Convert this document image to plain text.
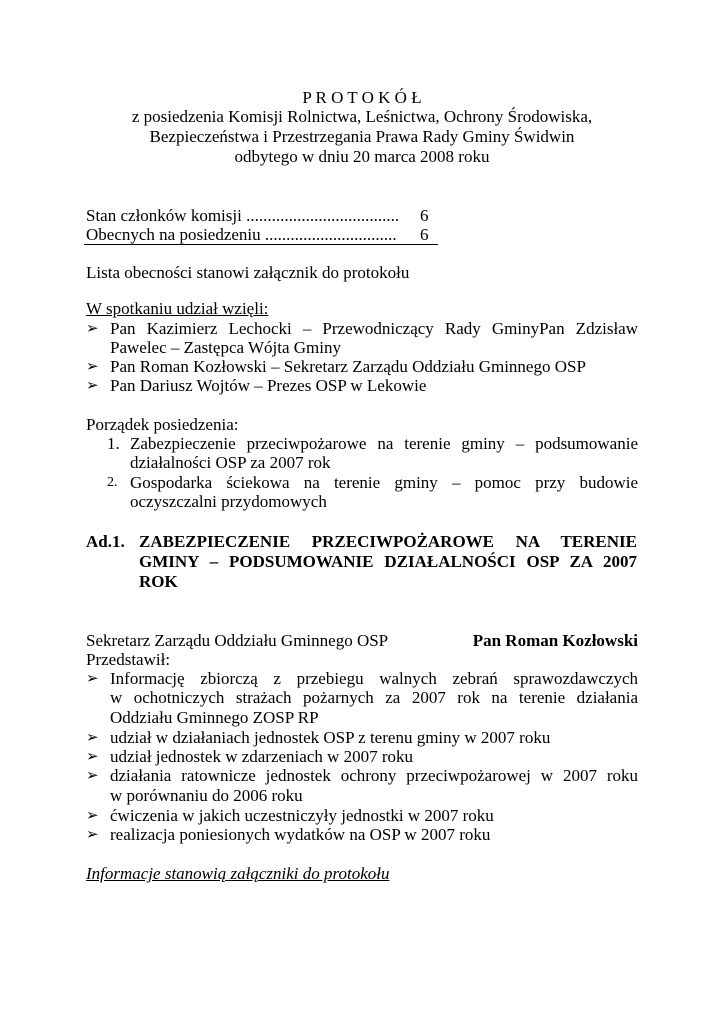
P R O T O K Ó Ł
z posiedzenia Komisji Rolnictwa, Leśnictwa, Ochrony Środowiska,
Bezpieczeństwa i Przestrzegania Prawa Rady Gminy Świdwin
odbytego w dniu 20 marca 2008 roku
Stan członków komisji .................................... 6
Obecnych na posiedzeniu ............................... 6
Lista obecności stanowi załącznik do protokołu
W spotkaniu udział wzięli:
➢ Pan Kazimierz Lechocki – Przewodniczący Rady GminyPan Zdzisław
Pawelec – Zastępca Wójta Gminy
➢ Pan Roman Kozłowski – Sekretarz Zarządu Oddziału Gminnego OSP
➢ Pan Dariusz Wojtów – Prezes OSP w Lekowie
Porządek posiedzenia:
1. Zabezpieczenie przeciwpożarowe na terenie gminy – podsumowanie
działalności OSP za 2007 rok
2. Gospodarka ściekowa na terenie gminy – pomoc przy budowie
oczyszczalni przydomowych
Ad.1. ZABEZPIECZENIE PRZECIWPOŻAROWE NA TERENIE
GMINY – PODSUMOWANIE DZIAŁALNOŚCI OSP ZA 2007
ROK
Sekretarz Zarządu Oddziału Gminnego OSP	Pan Roman Kozłowski
Przedstawił:
➢ Informację zbiorczą z przebiegu walnych zebrań sprawozdawczych
w ochotniczych strażach pożarnych za 2007 rok na terenie działania
Oddziału Gminnego ZOSP RP
➢ udział w działaniach jednostek OSP z terenu gminy w 2007 roku
➢ udział jednostek w zdarzeniach w 2007 roku
➢ działania ratownicze jednostek ochrony przeciwpożarowej w 2007 roku
w porównaniu do 2006 roku
➢ ćwiczenia w jakich uczestniczyły jednostki w 2007 roku
➢ realizacja poniesionych wydatków na OSP w 2007 roku
Informacje stanowią załączniki do protokołu
